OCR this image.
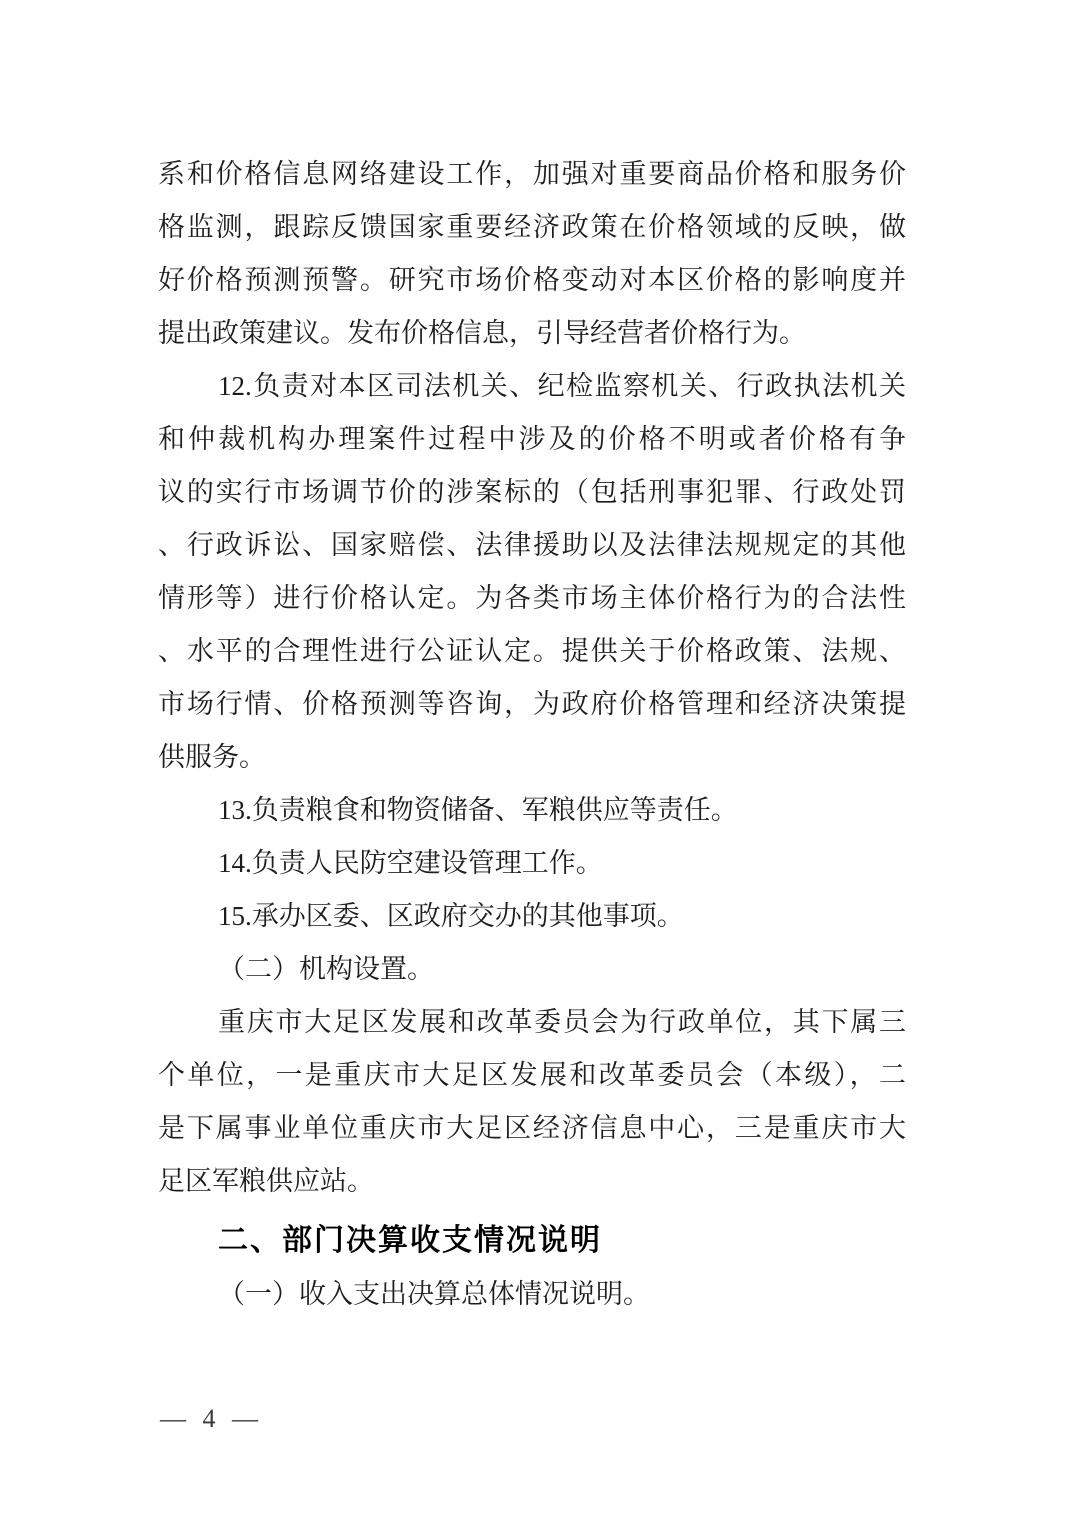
系和价格信息网络建设工作，加强对重要商品价格和服务价
格监测，跟踪反馈国家重要经济政策在价格领域的反映，做
好价格预测预警。研究市场价格变动对本区价格的影响度并
提出政策建议。发布价格信息，引导经营者价格行为。
12.负责对本区司法机关、纪检监察机关、行政执法机关
和仲裁机构办理案件过程中涉及的价格不明或者价格有争
议的实行市场调节价的涉案标的（包括刑事犯罪、行政处罚
、行政诉讼、国家赔偿、法律援助以及法律法规规定的其他
情形等）进行价格认定。为各类市场主体价格行为的合法性
、水平的合理性进行公证认定。提供关于价格政策、法规、
市场行情、价格预测等咨询，为政府价格管理和经济决策提
供服务。
13.负责粮食和物资储备、军粮供应等责任。
14.负责人民防空建设管理工作。
15.承办区委、区政府交办的其他事项。
（二）机构设置。
重庆市大足区发展和改革委员会为行政单位，其下属三
个单位，一是重庆市大足区发展和改革委员会（本级），二
是下属事业单位重庆市大足区经济信息中心，三是重庆市大
足区军粮供应站。
二、部门决算收支情况说明
（一）收入支出决算总体情况说明。
— 4 —
